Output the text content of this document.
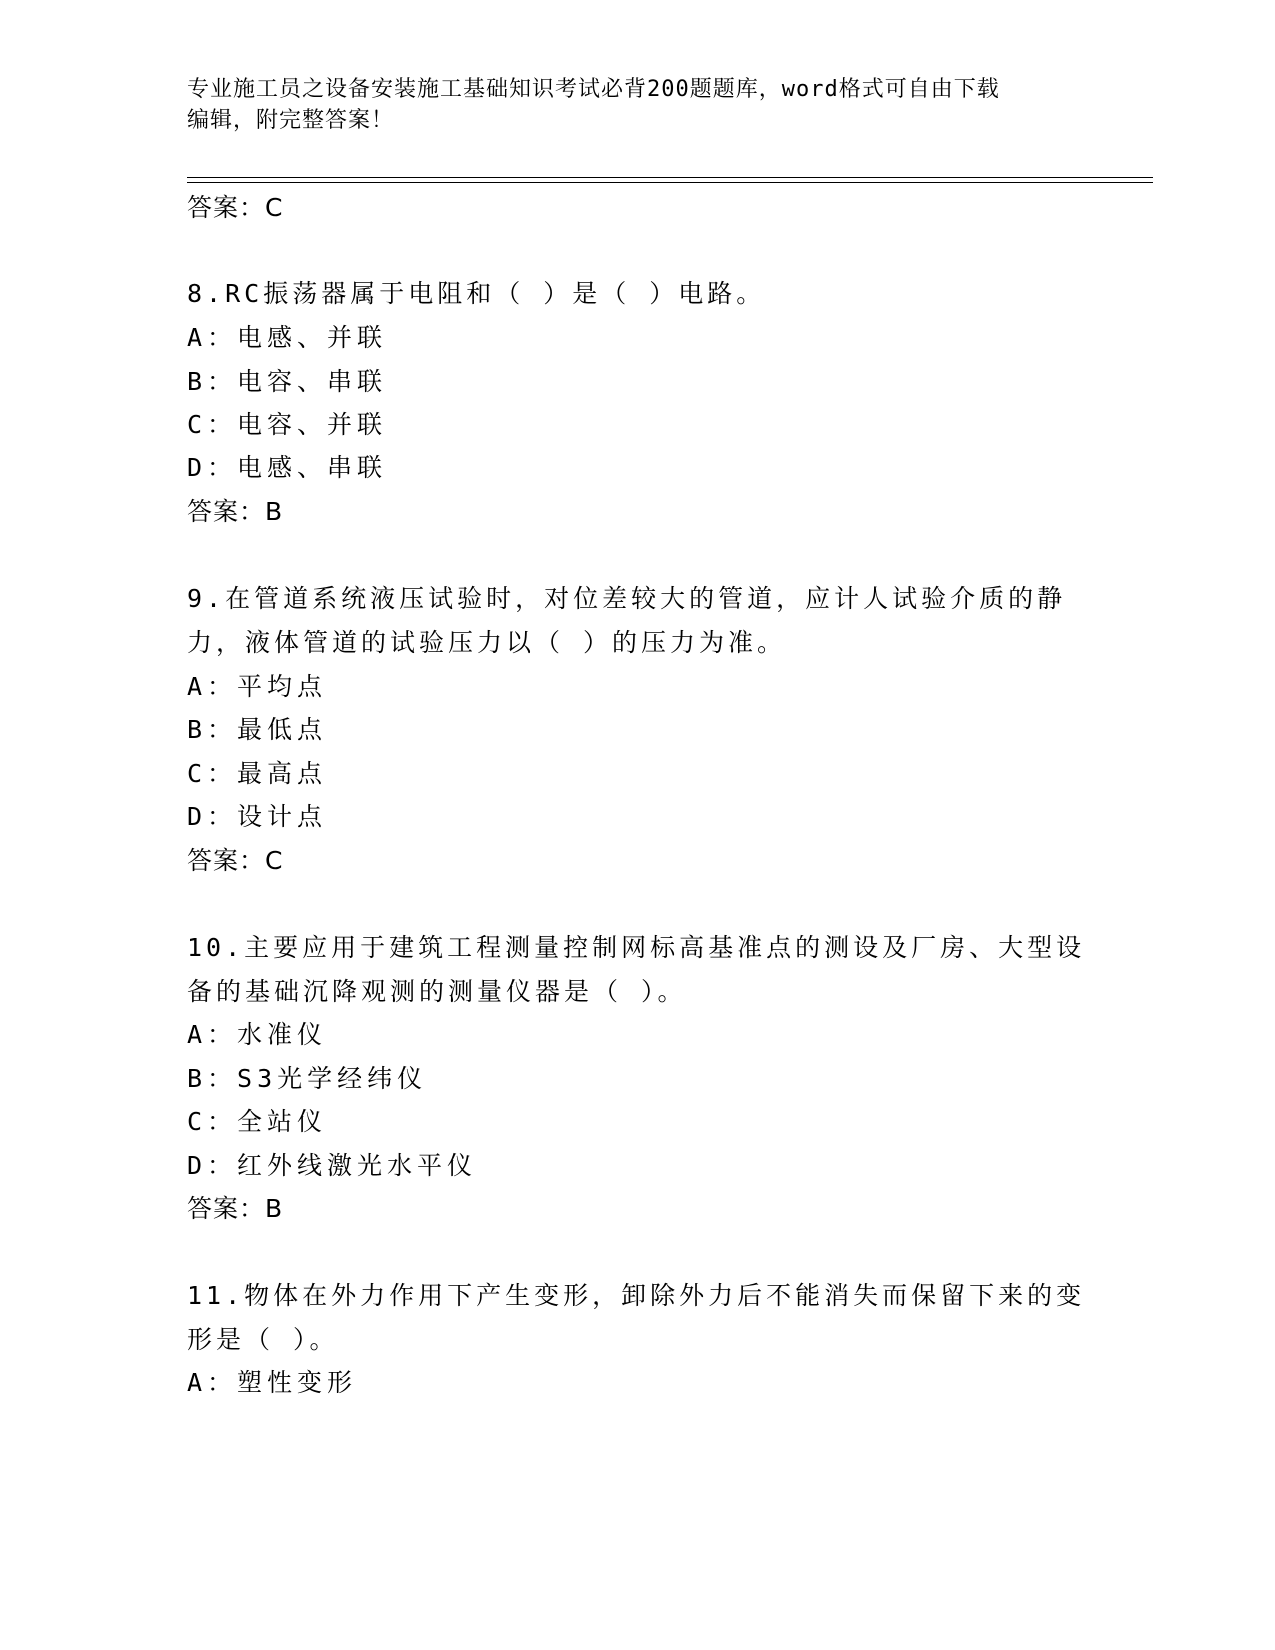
专业施工员之设备安装施工基础知识考试必背200题题库，word格式可自由下载
编辑，附完整答案！
答案：C
8.RC振荡器属于电阻和（ ）是（ ）电路。
A：电感、并联
B：电容、串联
C：电容、并联
D：电感、串联
答案：B
9.在管道系统液压试验时，对位差较大的管道，应计人试验介质的静
力，液体管道的试验压力以（ ）的压力为准。
A：平均点
B：最低点
C：最高点
D：设计点
答案：C
10.主要应用于建筑工程测量控制网标高基准点的测设及厂房、大型设
备的基础沉降观测的测量仪器是（ ）。
A：水准仪
B：S3光学经纬仪
C：全站仪
D：红外线激光水平仪
答案：B
11.物体在外力作用下产生变形，卸除外力后不能消失而保留下来的变
形是（ ）。
A：塑性变形
